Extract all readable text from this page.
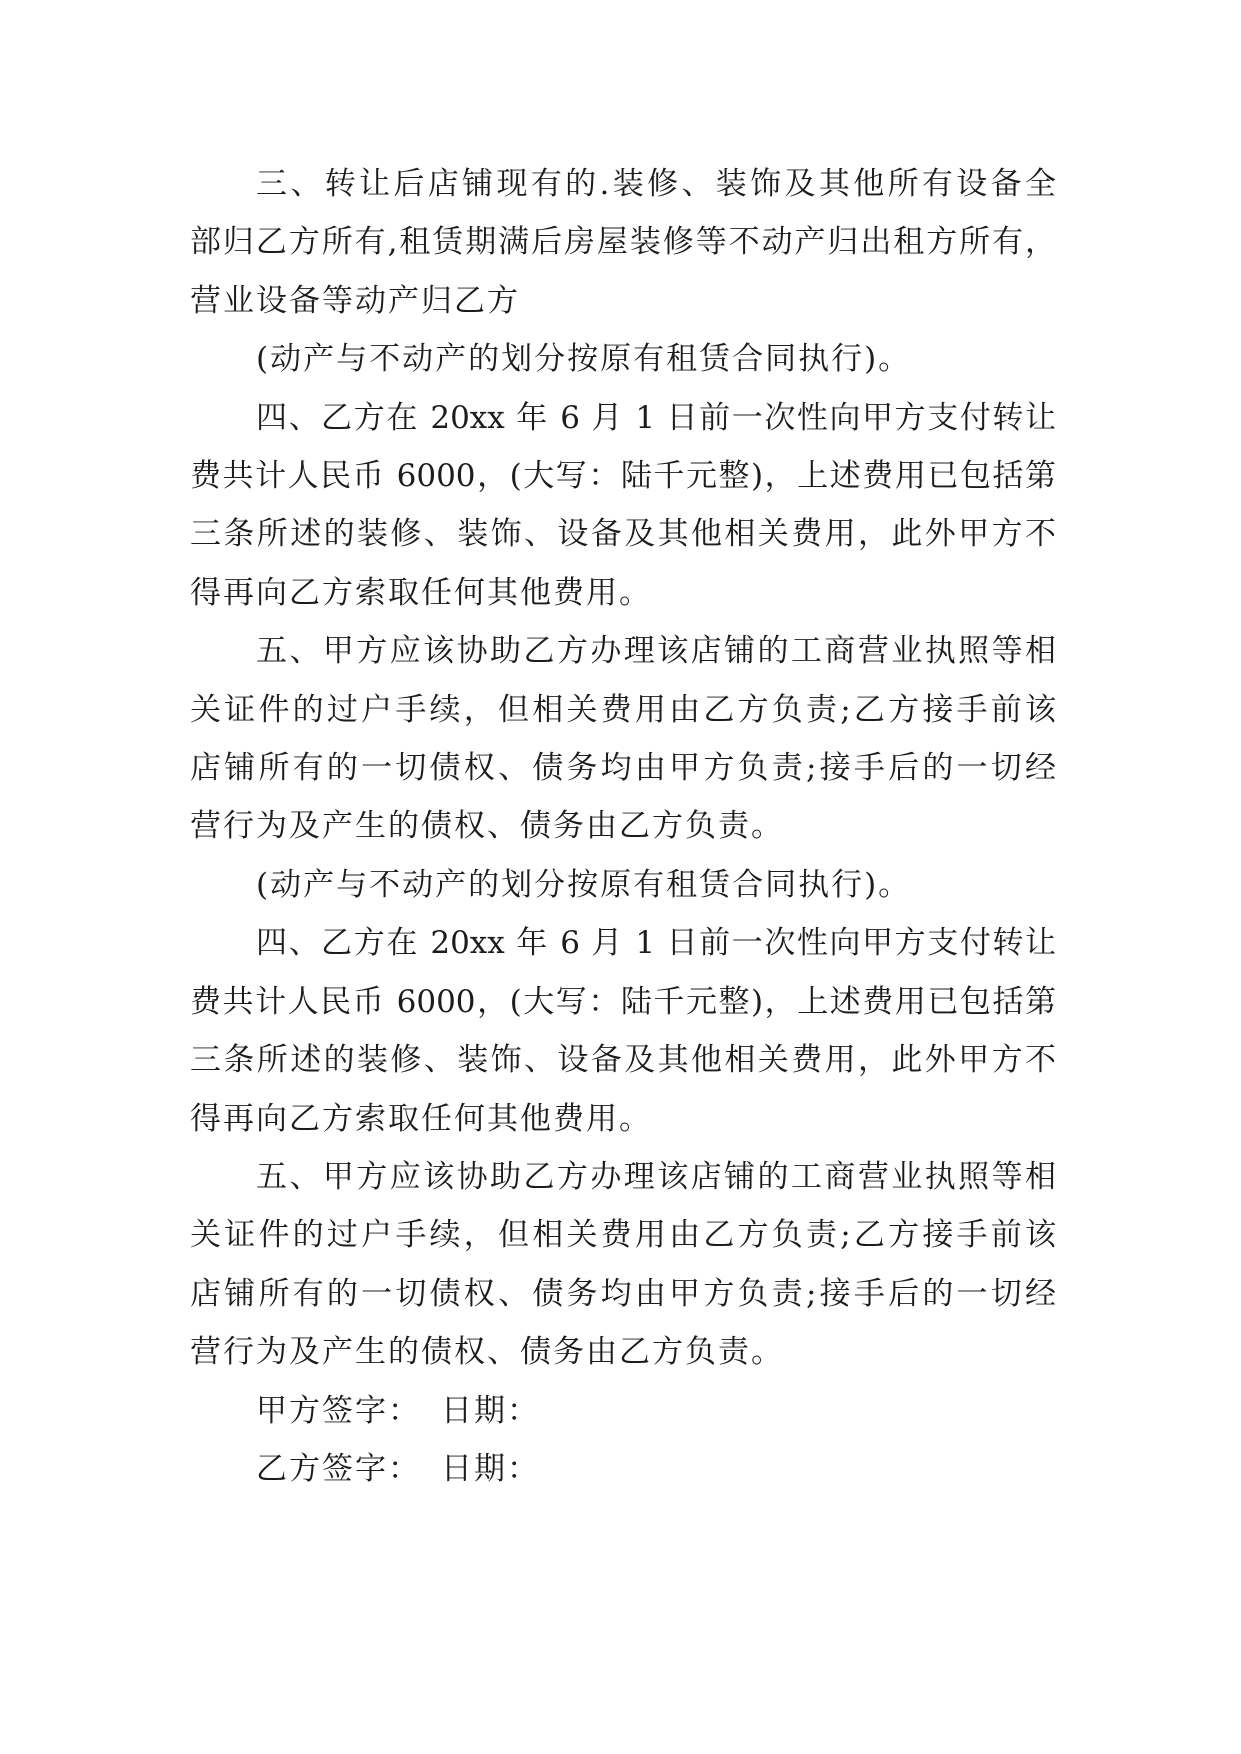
三、转让后店铺现有的.装修、装饰及其他所有设备全
部归乙方所有,租赁期满后房屋装修等不动产归出租方所有，
营业设备等动产归乙方
(动产与不动产的划分按原有租赁合同执行)。
四、乙方在 20xx 年 6 月 1 日前一次性向甲方支付转让
费共计人民币 6000，(大写：陆千元整)，上述费用已包括第
三条所述的装修、装饰、设备及其他相关费用，此外甲方不
得再向乙方索取任何其他费用。
五、甲方应该协助乙方办理该店铺的工商营业执照等相
关证件的过户手续，但相关费用由乙方负责;乙方接手前该
店铺所有的一切债权、债务均由甲方负责;接手后的一切经
营行为及产生的债权、债务由乙方负责。
(动产与不动产的划分按原有租赁合同执行)。
四、乙方在 20xx 年 6 月 1 日前一次性向甲方支付转让
费共计人民币 6000，(大写：陆千元整)，上述费用已包括第
三条所述的装修、装饰、设备及其他相关费用，此外甲方不
得再向乙方索取任何其他费用。
五、甲方应该协助乙方办理该店铺的工商营业执照等相
关证件的过户手续，但相关费用由乙方负责;乙方接手前该
店铺所有的一切债权、债务均由甲方负责;接手后的一切经
营行为及产生的债权、债务由乙方负责。
甲方签字： 日期：
乙方签字： 日期：
